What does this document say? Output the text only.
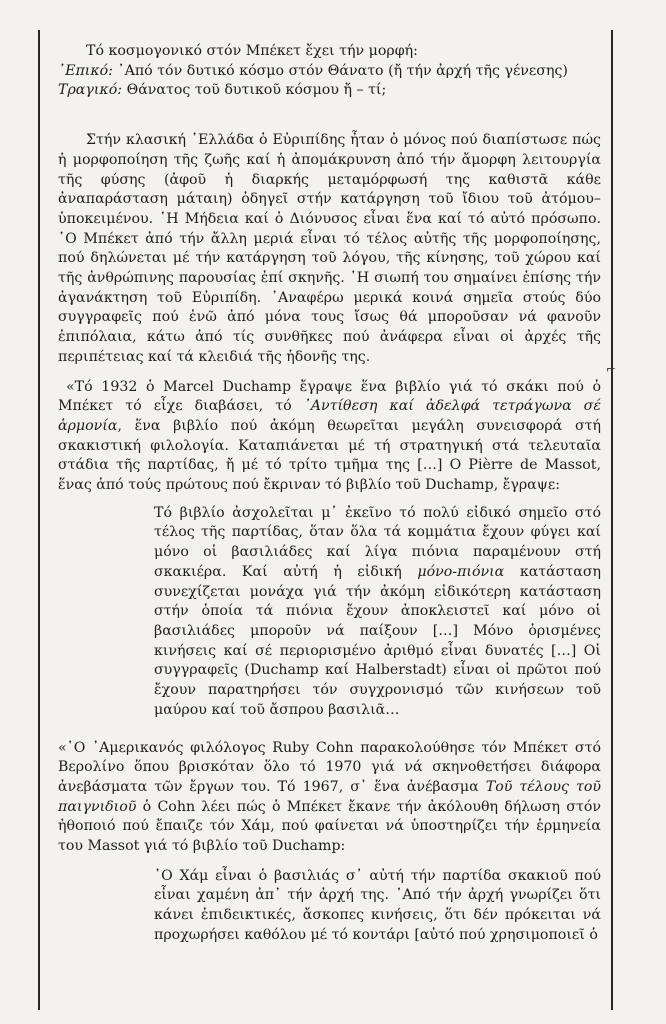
⌐

Τό κοσμογονικό στόν Μπέκετ ἔχει τήν μορφή:

᾿Επικό: ᾿Από τόν δυτικό κόσμο στόν Θάνατο (ἤ τήν ἀρχή τῆς γένεσης)

Τραγικό: Θάνατος τοῦ δυτικοῦ κόσμου ἤ – τί;

Στήν κλασική ῾Ελλάδα ὁ Εὐριπίδης ἦταν ὁ μόνος πού διαπίστωσε πώς ἡ μορφοποίηση τῆς ζωῆς καί ἡ ἀπομάκρυνση ἀπό τήν ἄμορφη λειτουργία τῆς φύσης (ἀφοῦ ἡ διαρκής μεταμόρφωσή της καθιστᾶ κάθε ἀναπαράσταση μάταιη) ὁδηγεῖ στήν κατάργηση τοῦ ἴδιου τοῦ ἀτόμου–ὑποκειμένου. ῾Η Μήδεια καί ὁ Διόνυσος εἶναι ἕνα καί τό αὐτό πρόσωπο. ῾Ο Μπέκετ ἀπό τήν ἄλλη μεριά εἶναι τό τέλος αὐτῆς τῆς μορφοποίησης, πού δηλώνεται μέ τήν κατάργηση τοῦ λόγου, τῆς κίνησης, τοῦ χώρου καί τῆς ἀνθρώπινης παρουσίας ἐπί σκηνῆς. ῾Η σιωπή του σημαίνει ἐπίσης τήν ἀγανάκτηση τοῦ Εὐριπίδη. ᾿Αναφέρω μερικά κοινά σημεῖα στούς δύο συγγραφεῖς πού ἐνῶ ἀπό μόνα τους ἴσως θά μποροῦσαν νά φανοῦν ἐπιπόλαια, κάτω ἀπό τίς συνθῆκες πού ἀνάφερα εἶναι οἱ ἀρχές τῆς περιπέτειας καί τά κλειδιά τῆς ἡδονῆς της.

«Τό 1932 ὁ Marcel Duchamp ἔγραψε ἕνα βιβλίο γιά τό σκάκι πού ὁ Μπέκετ τό εἶχε διαβάσει, τό ᾿Αντίθεση καί ἀδελφά τετράγωνα σέ ἁρμονία, ἕνα βιβλίο πού ἀκόμη θεωρεῖται μεγάλη συνεισφορά στή σκακιστική φιλολογία. Καταπιάνεται μέ τή στρατηγική στά τελευταῖα στάδια τῆς παρτίδας, ἤ μέ τό τρίτο τμῆμα της […] Ο Pièrre de Massot, ἕνας ἀπό τούς πρώτους πού ἔκριναν τό βιβλίο τοῦ Duchamp, ἔγραψε:

Τό βιβλίο ἀσχολεῖται μ᾿ ἐκεῖνο τό πολύ εἰδικό σημεῖο στό τέλος τῆς παρτίδας, ὅταν ὅλα τά κομμάτια ἔχουν φύγει καί μόνο οἱ βασιλιάδες καί λίγα πιόνια παραμένουν στή σκακιέρα. Καί αὐτή ἡ εἰδική μόνο-πιόνια κατάσταση συνεχίζεται μονάχα γιά τήν ἀκόμη εἰδικότερη κατάσταση στήν ὁποία τά πιόνια ἔχουν ἀποκλειστεῖ καί μόνο οἱ βασιλιάδες μποροῦν νά παίξουν […] Μόνο ὁρισμένες κινήσεις καί σέ περιορισμένο ἀριθμό εἶναι δυνατές […] Οἱ συγγραφεῖς (Duchamp καί Halberstadt) εἶναι οἱ πρῶτοι πού ἔχουν παρατηρήσει τόν συγχρονισμό τῶν κινήσεων τοῦ μαύρου καί τοῦ ἄσπρου βασιλιᾶ…

«῾Ο ᾿Αμερικανός φιλόλογος Ruby Cohn παρακολούθησε τόν Μπέκετ στό Βερολίνο ὅπου βρισκόταν ὅλο τό 1970 γιά νά σκηνοθετήσει διάφορα ἀνεβάσματα τῶν ἔργων του. Τό 1967, σ᾿ ἕνα ἀνέβασμα Τοῦ τέλους τοῦ παιγνιδιοῦ ὁ Cohn λέει πώς ὁ Μπέκετ ἔκανε τήν ἀκόλουθη δήλωση στόν ἠθοποιό πού ἔπαιζε τόν Χάμ, πού φαίνεται νά ὑποστηρίζει τήν ἑρμηνεία του Massot γιά τό βιβλίο τοῦ Duchamp:

῾Ο Χάμ εἶναι ὁ βασιλιάς σ᾿ αὐτή τήν παρτίδα σκακιοῦ πού εἶναι χαμένη ἀπ᾿ τήν ἀρχή της. ᾿Από τήν ἀρχή γνωρίζει ὅτι κάνει ἐπιδεικτικές, ἄσκοπες κινήσεις, ὅτι δέν πρόκειται νά προχωρήσει καθόλου μέ τό κοντάρι [αὐτό πού χρησιμοποιεῖ ὁ
